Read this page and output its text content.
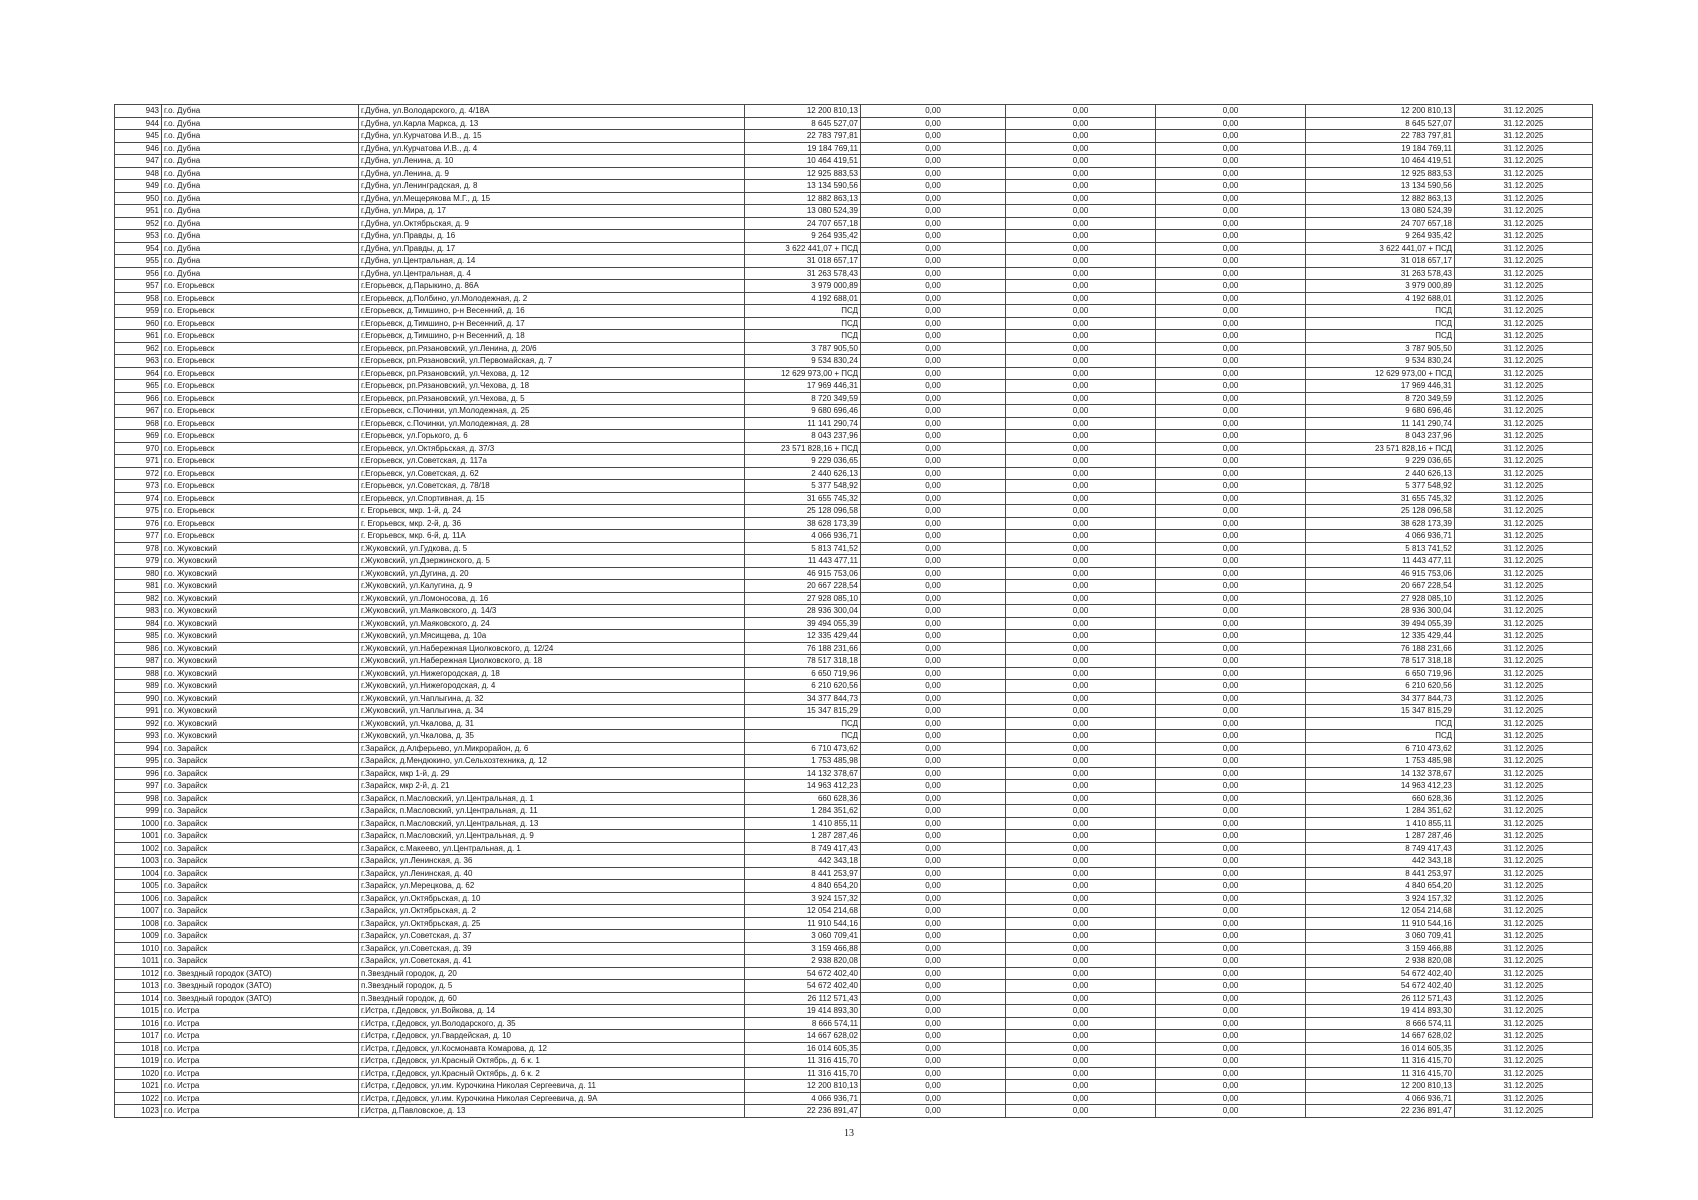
943	г.о. Дубна	г.Дубна, ул.Володарского, д. 4/18А	12 200 810,13	0,00	0,00	0,00	12 200 810,13	31.12.2025
944	г.о. Дубна	г.Дубна, ул.Карла Маркса, д. 13	8 645 527,07	0,00	0,00	0,00	8 645 527,07	31.12.2025
945	г.о. Дубна	г.Дубна, ул.Курчатова И.В., д. 15	22 783 797,81	0,00	0,00	0,00	22 783 797,81	31.12.2025
946	г.о. Дубна	г.Дубна, ул.Курчатова И.В., д. 4	19 184 769,11	0,00	0,00	0,00	19 184 769,11	31.12.2025
947	г.о. Дубна	г.Дубна, ул.Ленина, д. 10	10 464 419,51	0,00	0,00	0,00	10 464 419,51	31.12.2025
948	г.о. Дубна	г.Дубна, ул.Ленина, д. 9	12 925 883,53	0,00	0,00	0,00	12 925 883,53	31.12.2025
949	г.о. Дубна	г.Дубна, ул.Ленинградская, д. 8	13 134 590,56	0,00	0,00	0,00	13 134 590,56	31.12.2025
950	г.о. Дубна	г.Дубна, ул.Мещерякова М.Г., д. 15	12 882 863,13	0,00	0,00	0,00	12 882 863,13	31.12.2025
951	г.о. Дубна	г.Дубна, ул.Мира, д. 17	13 080 524,39	0,00	0,00	0,00	13 080 524,39	31.12.2025
952	г.о. Дубна	г.Дубна, ул.Октябрьская, д. 9	24 707 657,18	0,00	0,00	0,00	24 707 657,18	31.12.2025
953	г.о. Дубна	г.Дубна, ул.Правды, д. 16	9 264 935,42	0,00	0,00	0,00	9 264 935,42	31.12.2025
954	г.о. Дубна	г.Дубна, ул.Правды, д. 17	3 622 441,07 + ПСД	0,00	0,00	0,00	3 622 441,07 + ПСД	31.12.2025
955	г.о. Дубна	г.Дубна, ул.Центральная, д. 14	31 018 657,17	0,00	0,00	0,00	31 018 657,17	31.12.2025
956	г.о. Дубна	г.Дубна, ул.Центральная, д. 4	31 263 578,43	0,00	0,00	0,00	31 263 578,43	31.12.2025
957	г.о. Егорьевск	г.Егорьевск, д.Парыкино, д. 86А	3 979 000,89	0,00	0,00	0,00	3 979 000,89	31.12.2025
958	г.о. Егорьевск	г.Егорьевск, д.Полбино, ул.Молодежная, д. 2	4 192 688,01	0,00	0,00	0,00	4 192 688,01	31.12.2025
959	г.о. Егорьевск	г.Егорьевск, д.Тимшино, р-н Весенний, д. 16	ПСД	0,00	0,00	0,00	ПСД	31.12.2025
960	г.о. Егорьевск	г.Егорьевск, д.Тимшино, р-н Весенний, д. 17	ПСД	0,00	0,00	0,00	ПСД	31.12.2025
961	г.о. Егорьевск	г.Егорьевск, д.Тимшино, р-н Весенний, д. 18	ПСД	0,00	0,00	0,00	ПСД	31.12.2025
962	г.о. Егорьевск	г.Егорьевск, рп.Рязановский, ул.Ленина, д. 20/6	3 787 905,50	0,00	0,00	0,00	3 787 905,50	31.12.2025
963	г.о. Егорьевск	г.Егорьевск, рп.Рязановский, ул.Первомайская, д. 7	9 534 830,24	0,00	0,00	0,00	9 534 830,24	31.12.2025
964	г.о. Егорьевск	г.Егорьевск, рп.Рязановский, ул.Чехова, д. 12	12 629 973,00 + ПСД	0,00	0,00	0,00	12 629 973,00 + ПСД	31.12.2025
965	г.о. Егорьевск	г.Егорьевск, рп.Рязановский, ул.Чехова, д. 18	17 969 446,31	0,00	0,00	0,00	17 969 446,31	31.12.2025
966	г.о. Егорьевск	г.Егорьевск, рп.Рязановский, ул.Чехова, д. 5	8 720 349,59	0,00	0,00	0,00	8 720 349,59	31.12.2025
967	г.о. Егорьевск	г.Егорьевск, с.Починки, ул.Молодежная, д. 25	9 680 696,46	0,00	0,00	0,00	9 680 696,46	31.12.2025
968	г.о. Егорьевск	г.Егорьевск, с.Починки, ул.Молодежная, д. 28	11 141 290,74	0,00	0,00	0,00	11 141 290,74	31.12.2025
969	г.о. Егорьевск	г.Егорьевск, ул.Горького, д. 6	8 043 237,96	0,00	0,00	0,00	8 043 237,96	31.12.2025
970	г.о. Егорьевск	г.Егорьевск, ул.Октябрьская, д. 37/3	23 571 828,16 + ПСД	0,00	0,00	0,00	23 571 828,16 + ПСД	31.12.2025
971	г.о. Егорьевск	г.Егорьевск, ул.Советская, д. 117а	9 229 036,65	0,00	0,00	0,00	9 229 036,65	31.12.2025
972	г.о. Егорьевск	г.Егорьевск, ул.Советская, д. 62	2 440 626,13	0,00	0,00	0,00	2 440 626,13	31.12.2025
973	г.о. Егорьевск	г.Егорьевск, ул.Советская, д. 78/18	5 377 548,92	0,00	0,00	0,00	5 377 548,92	31.12.2025
974	г.о. Егорьевск	г.Егорьевск, ул.Спортивная, д. 15	31 655 745,32	0,00	0,00	0,00	31 655 745,32	31.12.2025
975	г.о. Егорьевск	г. Егорьевск, мкр. 1-й, д. 24	25 128 096,58	0,00	0,00	0,00	25 128 096,58	31.12.2025
976	г.о. Егорьевск	г. Егорьевск, мкр. 2-й, д. 36	38 628 173,39	0,00	0,00	0,00	38 628 173,39	31.12.2025
977	г.о. Егорьевск	г. Егорьевск, мкр. 6-й, д. 11А	4 066 936,71	0,00	0,00	0,00	4 066 936,71	31.12.2025
978	г.о. Жуковский	г.Жуковский, ул.Гудкова, д. 5	5 813 741,52	0,00	0,00	0,00	5 813 741,52	31.12.2025
979	г.о. Жуковский	г.Жуковский, ул.Дзержинского, д. 5	11 443 477,11	0,00	0,00	0,00	11 443 477,11	31.12.2025
980	г.о. Жуковский	г.Жуковский, ул.Дугина, д. 20	46 915 753,06	0,00	0,00	0,00	46 915 753,06	31.12.2025
981	г.о. Жуковский	г.Жуковский, ул.Калугина, д. 9	20 667 228,54	0,00	0,00	0,00	20 667 228,54	31.12.2025
982	г.о. Жуковский	г.Жуковский, ул.Ломоносова, д. 16	27 928 085,10	0,00	0,00	0,00	27 928 085,10	31.12.2025
983	г.о. Жуковский	г.Жуковский, ул.Маяковского, д. 14/3	28 936 300,04	0,00	0,00	0,00	28 936 300,04	31.12.2025
984	г.о. Жуковский	г.Жуковский, ул.Маяковского, д. 24	39 494 055,39	0,00	0,00	0,00	39 494 055,39	31.12.2025
985	г.о. Жуковский	г.Жуковский, ул.Мясищева, д. 10а	12 335 429,44	0,00	0,00	0,00	12 335 429,44	31.12.2025
986	г.о. Жуковский	г.Жуковский, ул.Набережная Циолковского, д. 12/24	76 188 231,66	0,00	0,00	0,00	76 188 231,66	31.12.2025
987	г.о. Жуковский	г.Жуковский, ул.Набережная Циолковского, д. 18	78 517 318,18	0,00	0,00	0,00	78 517 318,18	31.12.2025
988	г.о. Жуковский	г.Жуковский, ул.Нижегородская, д. 18	6 650 719,96	0,00	0,00	0,00	6 650 719,96	31.12.2025
989	г.о. Жуковский	г.Жуковский, ул.Нижегородская, д. 4	6 210 620,56	0,00	0,00	0,00	6 210 620,56	31.12.2025
990	г.о. Жуковский	г.Жуковский, ул.Чаплыгина, д. 32	34 377 844,73	0,00	0,00	0,00	34 377 844,73	31.12.2025
991	г.о. Жуковский	г.Жуковский, ул.Чаплыгина, д. 34	15 347 815,29	0,00	0,00	0,00	15 347 815,29	31.12.2025
992	г.о. Жуковский	г.Жуковский, ул.Чкалова, д. 31	ПСД	0,00	0,00	0,00	ПСД	31.12.2025
993	г.о. Жуковский	г.Жуковский, ул.Чкалова, д. 35	ПСД	0,00	0,00	0,00	ПСД	31.12.2025
994	г.о. Зарайск	г.Зарайск, д.Алферьево, ул.Микрорайон, д. 6	6 710 473,62	0,00	0,00	0,00	6 710 473,62	31.12.2025
995	г.о. Зарайск	г.Зарайск, д.Мендюкино, ул.Сельхозтехника, д. 12	1 753 485,98	0,00	0,00	0,00	1 753 485,98	31.12.2025
996	г.о. Зарайск	г.Зарайск, мкр 1-й, д. 29	14 132 378,67	0,00	0,00	0,00	14 132 378,67	31.12.2025
997	г.о. Зарайск	г.Зарайск, мкр 2-й, д. 21	14 963 412,23	0,00	0,00	0,00	14 963 412,23	31.12.2025
998	г.о. Зарайск	г.Зарайск, п.Масловский, ул.Центральная, д. 1	660 628,36	0,00	0,00	0,00	660 628,36	31.12.2025
999	г.о. Зарайск	г.Зарайск, п.Масловский, ул.Центральная, д. 11	1 284 351,62	0,00	0,00	0,00	1 284 351,62	31.12.2025
1000	г.о. Зарайск	г.Зарайск, п.Масловский, ул.Центральная, д. 13	1 410 855,11	0,00	0,00	0,00	1 410 855,11	31.12.2025
1001	г.о. Зарайск	г.Зарайск, п.Масловский, ул.Центральная, д. 9	1 287 287,46	0,00	0,00	0,00	1 287 287,46	31.12.2025
1002	г.о. Зарайск	г.Зарайск, с.Макеево, ул.Центральная, д. 1	8 749 417,43	0,00	0,00	0,00	8 749 417,43	31.12.2025
1003	г.о. Зарайск	г.Зарайск, ул.Ленинская, д. 36	442 343,18	0,00	0,00	0,00	442 343,18	31.12.2025
1004	г.о. Зарайск	г.Зарайск, ул.Ленинская, д. 40	8 441 253,97	0,00	0,00	0,00	8 441 253,97	31.12.2025
1005	г.о. Зарайск	г.Зарайск, ул.Мерецкова, д. 62	4 840 654,20	0,00	0,00	0,00	4 840 654,20	31.12.2025
1006	г.о. Зарайск	г.Зарайск, ул.Октябрьская, д. 10	3 924 157,32	0,00	0,00	0,00	3 924 157,32	31.12.2025
1007	г.о. Зарайск	г.Зарайск, ул.Октябрьская, д. 2	12 054 214,68	0,00	0,00	0,00	12 054 214,68	31.12.2025
1008	г.о. Зарайск	г.Зарайск, ул.Октябрьская, д. 25	11 910 544,16	0,00	0,00	0,00	11 910 544,16	31.12.2025
1009	г.о. Зарайск	г.Зарайск, ул.Советская, д. 37	3 060 709,41	0,00	0,00	0,00	3 060 709,41	31.12.2025
1010	г.о. Зарайск	г.Зарайск, ул.Советская, д. 39	3 159 466,88	0,00	0,00	0,00	3 159 466,88	31.12.2025
1011	г.о. Зарайск	г.Зарайск, ул.Советская, д. 41	2 938 820,08	0,00	0,00	0,00	2 938 820,08	31.12.2025
1012	г.о. Звездный городок (ЗАТО)	п.Звездный городок, д. 20	54 672 402,40	0,00	0,00	0,00	54 672 402,40	31.12.2025
1013	г.о. Звездный городок (ЗАТО)	п.Звездный городок, д. 5	54 672 402,40	0,00	0,00	0,00	54 672 402,40	31.12.2025
1014	г.о. Звездный городок (ЗАТО)	п.Звездный городок, д. 60	26 112 571,43	0,00	0,00	0,00	26 112 571,43	31.12.2025
1015	г.о. Истра	г.Истра, г.Дедовск, ул.Войкова, д. 14	19 414 893,30	0,00	0,00	0,00	19 414 893,30	31.12.2025
1016	г.о. Истра	г.Истра, г.Дедовск, ул.Володарского, д. 35	8 666 574,11	0,00	0,00	0,00	8 666 574,11	31.12.2025
1017	г.о. Истра	г.Истра, г.Дедовск, ул.Гвардейская, д. 10	14 667 628,02	0,00	0,00	0,00	14 667 628,02	31.12.2025
1018	г.о. Истра	г.Истра, г.Дедовск, ул.Космонавта Комарова, д. 12	16 014 605,35	0,00	0,00	0,00	16 014 605,35	31.12.2025
1019	г.о. Истра	г.Истра, г.Дедовск, ул.Красный Октябрь, д. 6 к. 1	11 316 415,70	0,00	0,00	0,00	11 316 415,70	31.12.2025
1020	г.о. Истра	г.Истра, г.Дедовск, ул.Красный Октябрь, д. 6 к. 2	11 316 415,70	0,00	0,00	0,00	11 316 415,70	31.12.2025
1021	г.о. Истра	г.Истра, г.Дедовск, ул.им. Курочкина Николая Сергеевича, д. 11	12 200 810,13	0,00	0,00	0,00	12 200 810,13	31.12.2025
1022	г.о. Истра	г.Истра, г.Дедовск, ул.им. Курочкина Николая Сергеевича, д. 9А	4 066 936,71	0,00	0,00	0,00	4 066 936,71	31.12.2025
1023	г.о. Истра	г.Истра, д.Павловское, д. 13	22 236 891,47	0,00	0,00	0,00	22 236 891,47	31.12.2025
13
